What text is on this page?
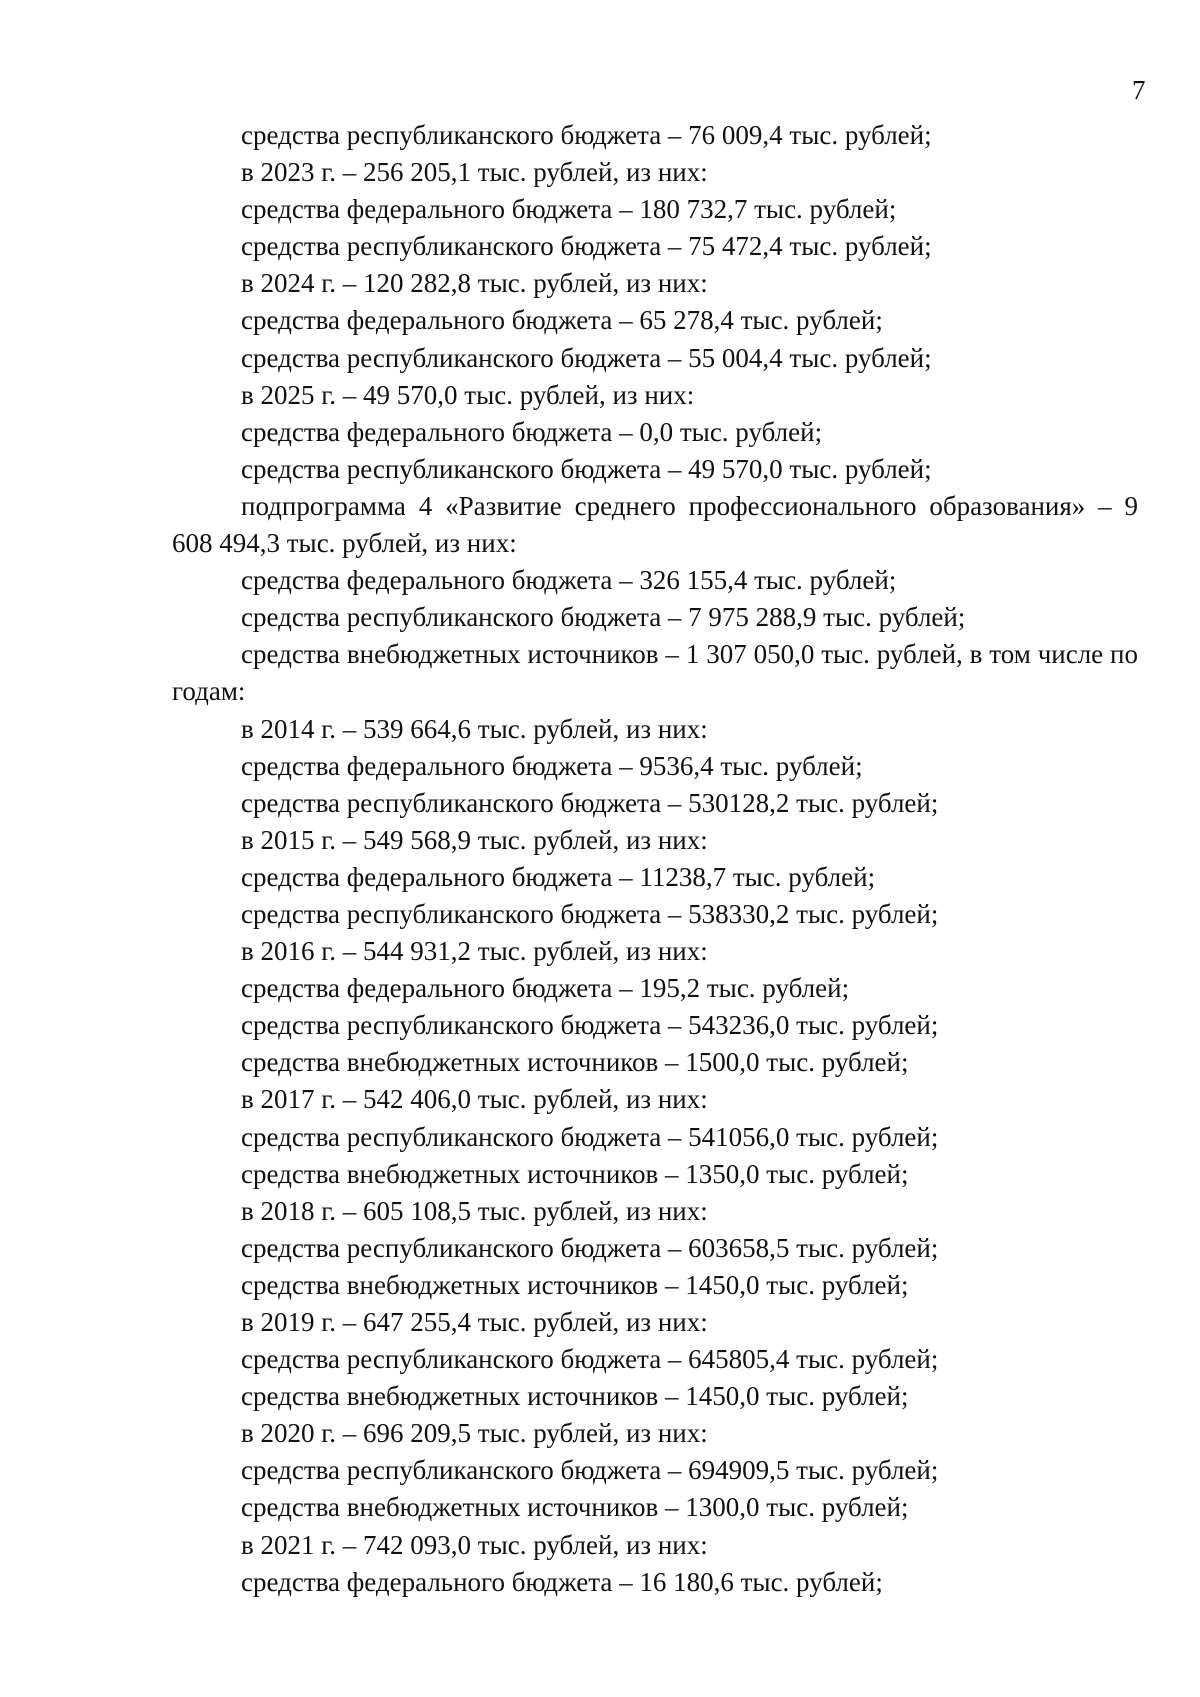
7

средства республиканского бюджета – 76 009,4 тыс. рублей;

в 2023 г. – 256 205,1 тыс. рублей, из них:

средства федерального бюджета – 180 732,7 тыс. рублей;

средства республиканского бюджета – 75 472,4 тыс. рублей;

в 2024 г. – 120 282,8 тыс. рублей, из них:

средства федерального бюджета – 65 278,4 тыс. рублей;

средства республиканского бюджета – 55 004,4 тыс. рублей;

в 2025 г. – 49 570,0 тыс. рублей, из них:

средства федерального бюджета – 0,0 тыс. рублей;

средства республиканского бюджета – 49 570,0 тыс. рублей;

подпрограмма 4 «Развитие среднего профессионального образования» – 9 608 494,3 тыс. рублей, из них:

средства федерального бюджета – 326 155,4 тыс. рублей;

средства республиканского бюджета – 7 975 288,9 тыс. рублей;

средства внебюджетных источников – 1 307 050,0 тыс. рублей, в том числе по годам:

в 2014 г. – 539 664,6 тыс. рублей, из них:

средства федерального бюджета – 9536,4 тыс. рублей;

средства республиканского бюджета – 530128,2 тыс. рублей;

в 2015 г. – 549 568,9 тыс. рублей, из них:

средства федерального бюджета – 11238,7 тыс. рублей;

средства республиканского бюджета – 538330,2 тыс. рублей;

в 2016 г. – 544 931,2 тыс. рублей, из них:

средства федерального бюджета – 195,2 тыс. рублей;

средства республиканского бюджета – 543236,0 тыс. рублей;

средства внебюджетных источников – 1500,0 тыс. рублей;

в 2017 г. – 542 406,0 тыс. рублей, из них:

средства республиканского бюджета – 541056,0 тыс. рублей;

средства внебюджетных источников – 1350,0 тыс. рублей;

в 2018 г. – 605 108,5 тыс. рублей, из них:

средства республиканского бюджета – 603658,5 тыс. рублей;

средства внебюджетных источников – 1450,0 тыс. рублей;

в 2019 г. – 647 255,4 тыс. рублей, из них:

средства республиканского бюджета – 645805,4 тыс. рублей;

средства внебюджетных источников – 1450,0 тыс. рублей;

в 2020 г. – 696 209,5 тыс. рублей, из них:

средства республиканского бюджета – 694909,5 тыс. рублей;

средства внебюджетных источников – 1300,0 тыс. рублей;

в 2021 г. – 742 093,0 тыс. рублей, из них:

средства федерального бюджета – 16 180,6 тыс. рублей;
